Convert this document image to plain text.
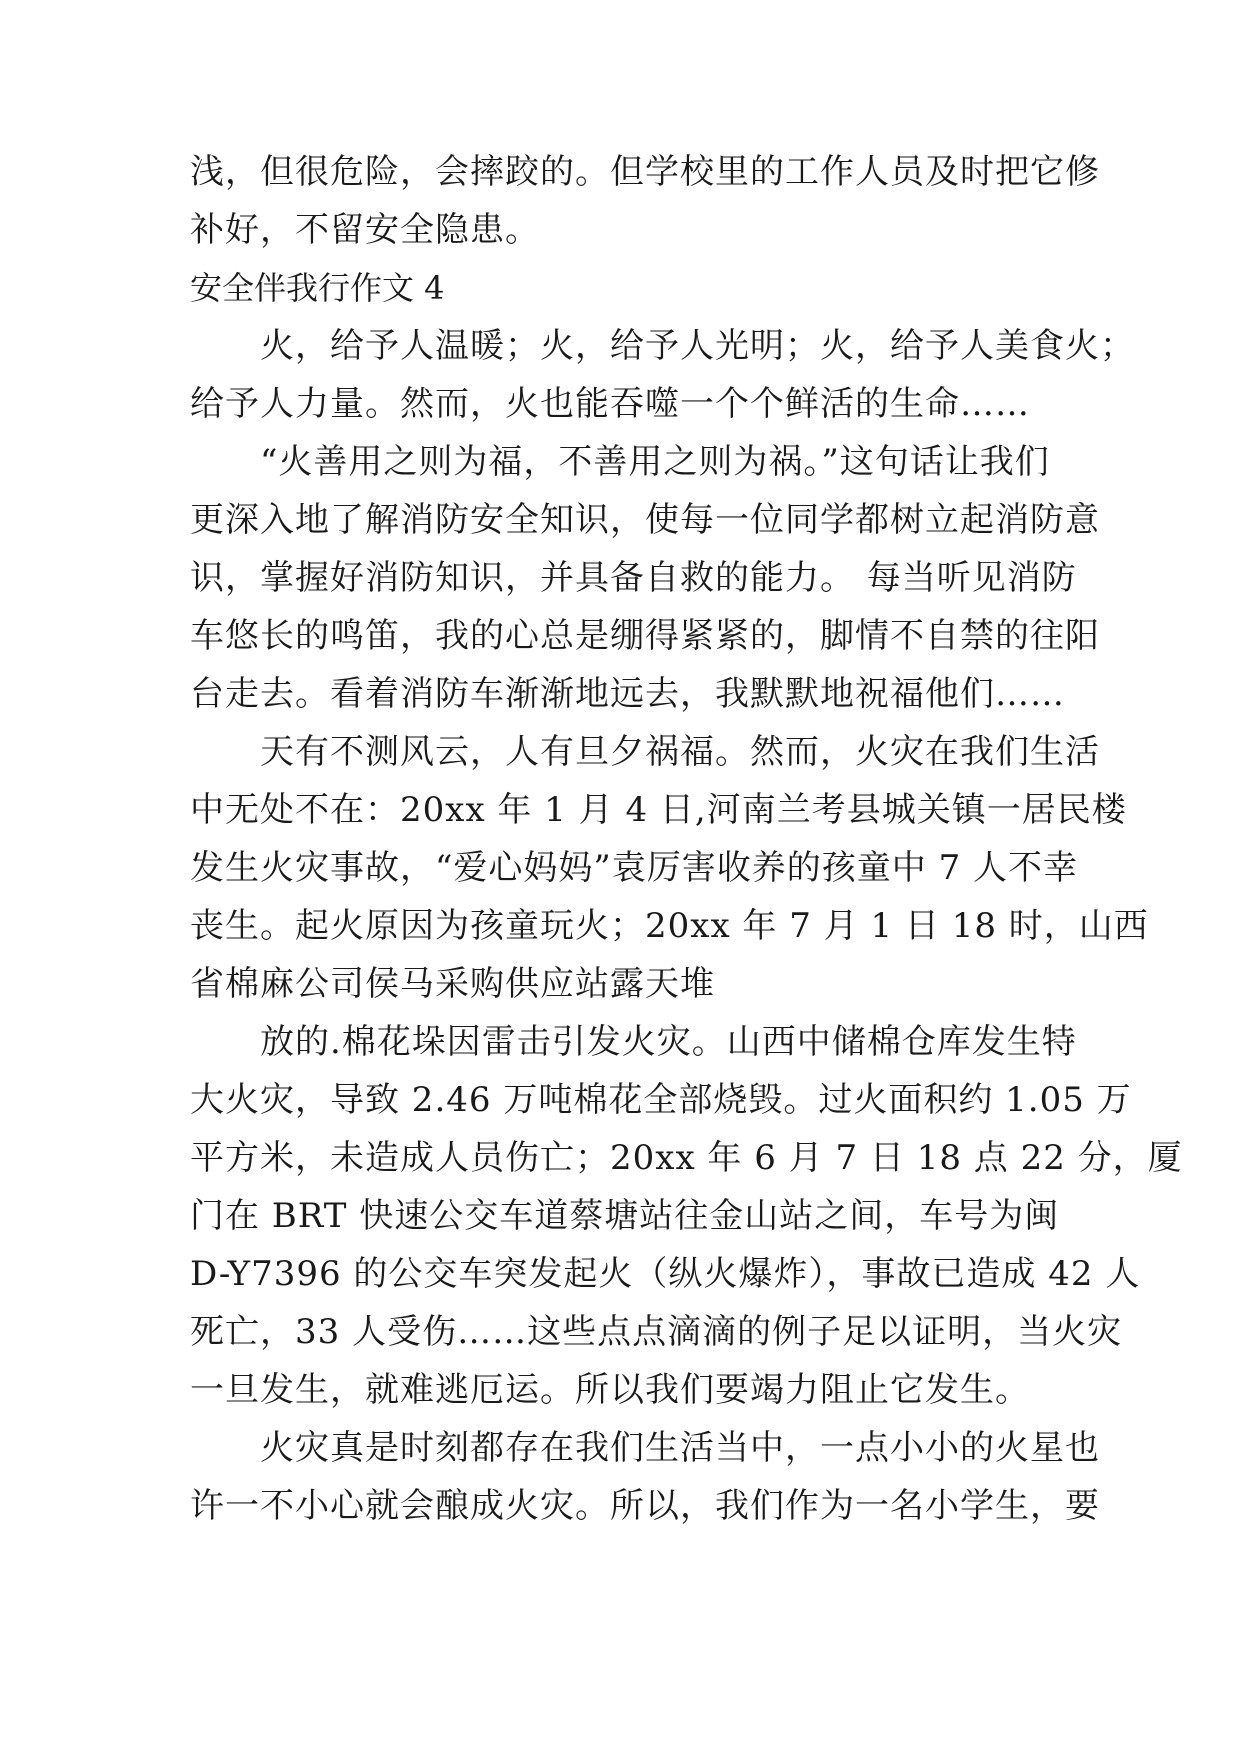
浅，但很危险，会摔跤的。但学校里的工作人员及时把它修
补好，不留安全隐患。
安全伴我行作文 4
　　火，给予人温暖；火，给予人光明；火，给予人美食火；
给予人力量。然而，火也能吞噬一个个鲜活的生命……
　　“火善用之则为福，不善用之则为祸。”这句话让我们
更深入地了解消防安全知识，使每一位同学都树立起消防意
识，掌握好消防知识，并具备自救的能力。 每当听见消防
车悠长的鸣笛，我的心总是绷得紧紧的，脚情不自禁的往阳
台走去。看着消防车渐渐地远去，我默默地祝福他们……
　　天有不测风云，人有旦夕祸福。然而，火灾在我们生活
中无处不在：20xx 年 1 月 4 日,河南兰考县城关镇一居民楼
发生火灾事故，“爱心妈妈”袁厉害收养的孩童中 7 人不幸
丧生。起火原因为孩童玩火；20xx 年 7 月 1 日 18 时，山西
省棉麻公司侯马采购供应站露天堆
　　放的.棉花垛因雷击引发火灾。山西中储棉仓库发生特
大火灾，导致 2.46 万吨棉花全部烧毁。过火面积约 1.05 万
平方米，未造成人员伤亡；20xx 年 6 月 7 日 18 点 22 分，厦
门在 BRT 快速公交车道蔡塘站往金山站之间，车号为闽
D-Y7396 的公交车突发起火（纵火爆炸），事故已造成 42 人
死亡，33 人受伤……这些点点滴滴的例子足以证明，当火灾
一旦发生，就难逃厄运。所以我们要竭力阻止它发生。
　　火灾真是时刻都存在我们生活当中，一点小小的火星也
许一不小心就会酿成火灾。所以，我们作为一名小学生，要
